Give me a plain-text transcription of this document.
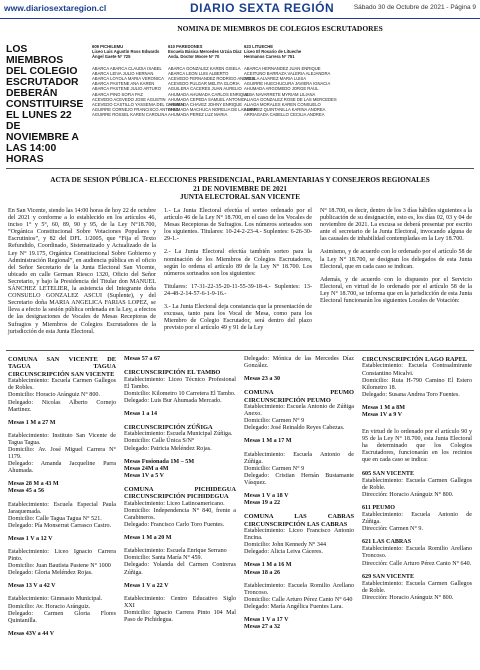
www.diariosextaregion.cl	DIARIO SEXTA REGIÓN	Sábado 30 de Octubre de 2021 - Página 9
NOMINA DE MIEMBROS DE COLEGIOS ESCRUTADORES
LOS MIEMBROS DEL COLEGIO ESCRUTADOR DEBERÁN CONSTITUIRSE EL LUNES 22 DE NOVIEMBRE A LAS 14:00 HORAS
609 PICHILEMU
Liceo Luis Agustín Ross Edwards
Ángel Gaete N° 725
ABARCA ABARCA CLAUDIA ISABEL
ABARCA LEIVA JULIO HERNAN
ABARCA LOYOLA MARIA VERONICA
ABARCA PASTENE ANA KAREN
ABARCA PASTENE JULIO ARTURO
ABARCA PINO SOFIA PAZ
ACEVEDO ACEVEDO JOSE AGUSTIN
ACEVEDO CASTILLO YASSENIA DEL CARMEN
AGUIRRE CORNEJO FRANCISCO ANTONIO
AGUIRRE ROSSEL KAREN CAROLINA
610 PAREDONES
Escuela Básica Mercedes Urzúa Díaz
Avda. Doctor Moore N° 70
ABARCA GONZALEZ KAREN GISELA
ABARCA LEON LUIS ALBERTO
ACEVEDO FERNANDEZ RODRIGO ANDRES
ACEVEDO PULGAR MELITA GLORIA
AGUILERA CACERES JUAN AURELIO
AHUMADA AHUMADA CARLOS ENRIQUE
AHUMADA CEPEDA SAMUEL ANTONIO
AHUMADA CHAVEZ JOHNY ENRIQUE
AHUMADA MACHUCA NORELIA DE LAS MER
AHUMADA PEREZ LUZ MARIA
623 LITUECHE
Liceo El Rosario de Litueche
Hermanos Carrera N° 751
ABARCA HERNANDEZ JUAN ENRIQUE
ACEITUNO BARRAZA VALERIA ALEJANDRA
AGUILA ALVAREZ MARIA LUISA
AGUIRRE HUECHUCURA JAVIERA IGNACIA
AHUMADA ARGOMEDO JORGE RAUL
ALBA NAVARRETE MYRIAM LILIANA
ALIAGA GONZALEZ ROSE DE LAS MERCEDES
ALIAGA MORALES KAREN CONSUELO
ALVAREZ QUINTANILLA KARINA ANDREA
ARRIAGADA CABELLO CECILIA ANDREA
ACTA DE SESION PÚBLICA - ELECCIONES PRESIDENCIAL, PARLAMENTARIAS Y CONSEJEROS REGIONALES
21 DE NOVIEMBRE DE 2021
JUNTA ELECTORAL SAN VICENTE

En San Vicente, siendo las 14:00 horas de hoy 22 de octubre del 2021 y conforme a lo establecido en los artículos 46, inciso 1° y 5°, 60, 89, 90 y 95, de la Ley N°18.700, “Orgánica Constitucional Sobre Votaciones Populares y Escrutinios”, y 82 del DFL 1/2005, que “Fija el Texto Refundido, Coordinado, Sistematizado y Actualizado de la Ley N° 19.175, Orgánica Constitucional Sobre Gobierno y Administración Regional”, en audiencia pública en el oficio del Señor Secretario de la Junta Electoral San Vicente, ubicado en calle German Riesco 1320, Oficio del Señor Secretario, y bajo la Presidencia del Titular don MANUEL SÁNCHEZ LETELIER, la asistencia del Integrante doña CONSUELO GONZALEZ ASCUI (Suplente), y del Secretario doña MARIA ANGELICA FARIAS LOPEZ, se lleva a efecto la sesión pública ordenada en la Ley, a efectos de las designaciones de Vocales de Mesas Receptoras de Sufragios y Miembros de Colegios Escrutadores de la jurisdicción de esta Junta Electoral.

1.- La Junta Electoral efectúa el sorteo ordenado por el artículo 46 de la Ley N° 18.700, en el caso de los Vocales de Mesas Receptoras de Sufragios. Los números sorteados son los siguientes. Titulares: 10-24-2-23-4.- Suplentes: 6-26-30-29-1.-

2.- La Junta Electoral efectúa también sorteo para la nominación de los Miembros de Colegios Escrutadores, según lo ordena el artículo 89 de la Ley N° 18.700. Los números sorteados son los siguientes:

Titulares: 17-31-22-35-20-11-55-39-18-4.- Suplentes: 13-24-48-2-14-57-6-1-9-16.-

3.- La Junta Electoral deja constancia que la presentación de excusas, tanto para los Vocal de Mesa, como para los Miembro de Colegio Escrutador, será dentro del plazo previsto por el artículo 49 y 91 de la Ley

N° 18.700, es decir, dentro de los 3 días hábiles siguientes a la publicación de su designación, esto es, los días 02, 03 y 04 de noviembre de 2021. La excusa se deberá presentar por escrito ante el secretario de la Junta Electoral, invocando alguna de las causales de inhabilidad contempladas en la Ley 18.700.

Asimismo, y de acuerdo con lo ordenado por el artículo 58 de la Ley N° 18.700, se designan los delegados de esta Junta Electoral, que en cada caso se indican.

Además, y de acuerdo con lo dispuesto por el Servicio Electoral, en virtud de lo ordenado por el artículo 58 de la Ley N° 18.700, se informa que en la jurisdicción de esta Junta Electoral funcionarán los siguientes Locales de Votación:

COMUNA SAN VICENTE DE TAGUA TAGUA CIRCUNSCRIPCIÓN SAN VICENTE
Establecimiento: Escuela Carmen Gallegos de Robles.
Domicilio: Horacio Aránguiz N° 800.
Delegado: Nicolas Alberto Cornejo Martinez.
Mesas 1 M a 27 M
Establecimiento: Instituto San Vicente de Tagua Tagua.
Domicilio: Av. José Miguel Carrera N° 1179.
Delegado: Amanda Jacqueline Parra Ahumada.
Mesas 28 M a 43 M
Mesas 45 a 56
Establecimiento: Escuela Especial Paula Jaraquemada.
Domicilio: Calle Tagua Tagua N° 521.
Delegado: Pía Monserrat Carrasco Castro.
Mesas 1 V a 12 V
Establecimiento: Liceo Ignacio Carrera Pinto.
Domicilio: Juan Bautista Pastene N° 1000
Delegado: Gloria Meléndez Rojas.
Mesas 13 V a 42 V
Establecimiento: Gimnasio Municipal.
Domicilio: Av. Horacio Aránguiz.
Delegado: Carmen Gloria Flores Quintanilla.
Mesas 43V a 44 V
Mesas 57 a 67
CIRCUNSCRIPCIÓN EL TAMBO
Establecimiento: Liceo Técnico Profesional El Tambo.
Domicilio: Kilometro 10 Carretera El Tambo.
Delegado: Luis Bur Ahumada Mercado.
Mesas 1 a 14
CIRCUNSCRIPCIÓN ZÚÑIGA
Establecimiento: Escuela Municipal Zúñiga.
Domicilio: Calle Única S/N°
Delegado: Patricia Meléndez Rojas.
Mesas Fusionada 1M – 5M
Mesas 24M a 4M
Mesas 1V a 5 V
COMUNA PICHIDEGUA CIRCUNSCRIPCIÓN PICHIDEGUA
Establecimiento: Liceo Latinoamericano.
Domicilio: Independencia N° 840, frente a Carabineros.
Delegado: Francisco Carlo Toro Fuentes.
Mesas 1 M a 20 M
Establecimiento: Escuela Enrique Serrano
Domicilio: Santa María N° 459.
Delegado: Yolanda del Carmen Contreras Zúñiga.
Mesas 1 V a 22 V
Establecimiento: Centro Educativo Siglo XXI
Domicilio: Ignacio Carrera Pinto 104 Mal Paso de Pichidegua.
Delegado: Mónica de las Mercedes Díaz González.
Mesas 23 a 30
COMUNA PEUMO CIRCUNSCRIPCIÓN PEUMO
Establecimiento: Escuela Antonio de Zúñiga Anexo.
Domicilio: Carmen N° 9
Delegado: José Reinaldo Reyes Cabezas.
Mesas 1 M a 17 M
Establecimiento: Escuela Antonio de Zúñiga.
Domicilio: Carmen N° 9
Delegado: Cristian Hernán Bustamante Vásquez.
Mesas 1 V a 18 V
Mesas 19 a 22
COMUNA LAS CABRAS CIRCUNSCRIPCIÓN LAS CABRAS
Establecimiento: Liceo Francisco Antonio Encina.
Domicilio: John Kennedy N° 344
Delegado: Alicia Leiva Cáceres.
Mesas 1 M a 16 M
Mesas 18 a 26
Establecimiento: Escuela Romilio Arellano Troncoso.
Domicilio: Calle Arturo Pérez Canto N° 640
Delegado: María Angélica Fuentes Lara.
Mesas 1 V a 17 V
Mesas 27 a 32
CIRCUNSCRIPCIÓN LAGO RAPEL
Establecimiento: Escuela Contraalmirante Constantino Micalvi.
Domicilio: Ruta H-790 Camino El Estero Kilometro 18.
Delegado: Susana Andrea Toro Fuentes.
Mesas 1 M a 8M
Mesas 1V a 9 V

En virtud de lo ordenado por el artículo 90 y 95 de la Ley N° 18.700, esta Junta Electoral ha determinado que los Colegios Escrutadores, funcionarán en los recintos que en cada caso se indica:

605 SAN VICENTE
Establecimiento: Escuela Carmen Gallegos de Roble.
Dirección: Horacio Aránguiz N° 800.
611 PEUMO
Establecimiento: Escuela Antonio de Zúñiga.
Dirección: Carmen N° 9.
621 LAS CABRAS
Establecimiento: Escuela Romilio Arellano Troncoso.
Dirección: Calle Arturo Pérez Canto N° 640.
629 SAN VICENTE
Establecimiento: Escuela Carmen Gallegos de Roble.
Dirección: Horacio Aránguiz N° 800.
